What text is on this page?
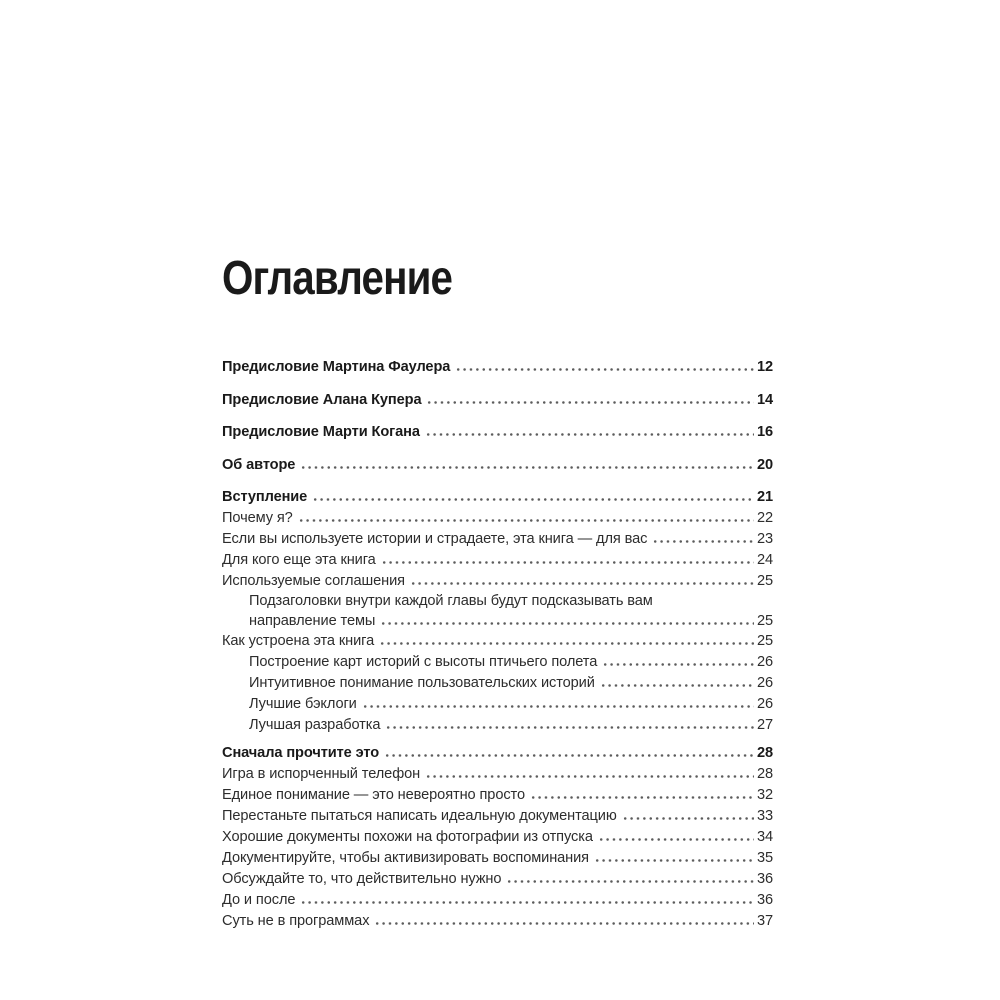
Оглавление
Предисловие Мартина Фаулера	12
Предисловие Алана Купера	14
Предисловие Марти Когана	16
Об авторе	20
Вступление	21
Почему я?	22
Если вы используете истории и страдаете, эта книга — для вас	23
Для кого еще эта книга	24
Используемые соглашения	25
Подзаголовки внутри каждой главы будут подсказывать вам
направление темы	25
Как устроена эта книга	25
Построение карт историй с высоты птичьего полета	26
Интуитивное понимание пользовательских историй	26
Лучшие бэклоги	26
Лучшая разработка	27
Сначала прочтите это	28
Игра в испорченный телефон	28
Единое понимание — это невероятно просто	32
Перестаньте пытаться написать идеальную документацию	33
Хорошие документы похожи на фотографии из отпуска	34
Документируйте, чтобы активизировать воспоминания	35
Обсуждайте то, что действительно нужно	36
До и после	36
Суть не в программах	37
